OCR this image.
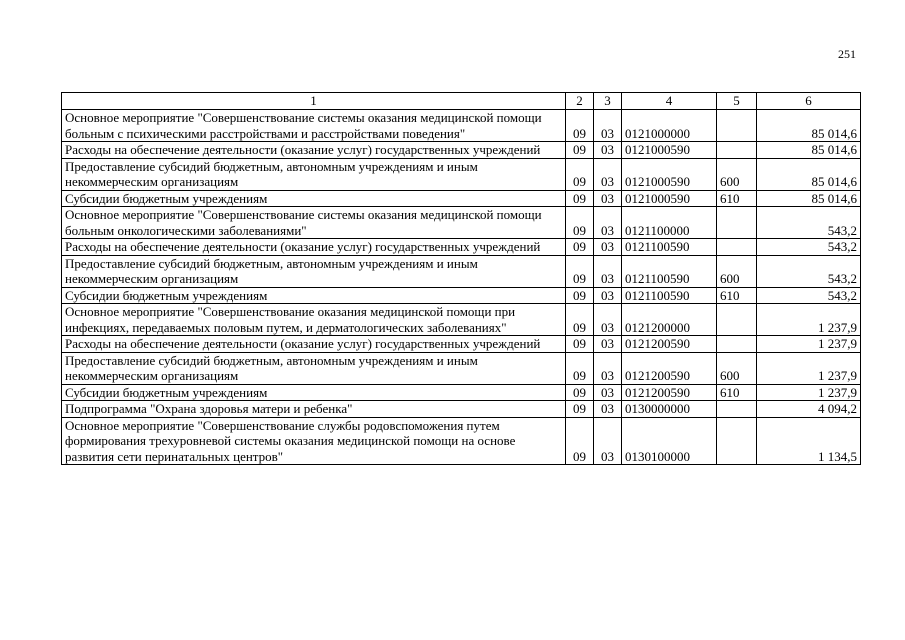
251
1	2	3	4	5	6
Основное мероприятие "Совершенствование системы оказания медицинской помощи больным с психическими расстройствами и расстройствами поведения"	09	03	0121000000		85 014,6
Расходы на обеспечение деятельности (оказание услуг) государственных учреждений	09	03	0121000590		85 014,6
Предоставление субсидий бюджетным, автономным учреждениям и иным некоммерческим организациям	09	03	0121000590	600	85 014,6
Субсидии бюджетным учреждениям	09	03	0121000590	610	85 014,6
Основное мероприятие "Совершенствование системы оказания медицинской помощи больным онкологическими заболеваниями"	09	03	0121100000		543,2
Расходы на обеспечение деятельности (оказание услуг) государственных учреждений	09	03	0121100590		543,2
Предоставление субсидий бюджетным, автономным учреждениям и иным некоммерческим организациям	09	03	0121100590	600	543,2
Субсидии бюджетным учреждениям	09	03	0121100590	610	543,2
Основное мероприятие "Совершенствование оказания медицинской помощи при инфекциях, передаваемых половым путем, и дерматологических заболеваниях"	09	03	0121200000		1 237,9
Расходы на обеспечение деятельности (оказание услуг) государственных учреждений	09	03	0121200590		1 237,9
Предоставление субсидий бюджетным, автономным учреждениям и иным некоммерческим организациям	09	03	0121200590	600	1 237,9
Субсидии бюджетным учреждениям	09	03	0121200590	610	1 237,9
Подпрограмма "Охрана здоровья матери и ребенка"	09	03	0130000000		4 094,2
Основное мероприятие "Совершенствование службы родовспоможения путем формирования трехуровневой системы оказания медицинской помощи на основе развития сети перинатальных центров"	09	03	0130100000		1 134,5
